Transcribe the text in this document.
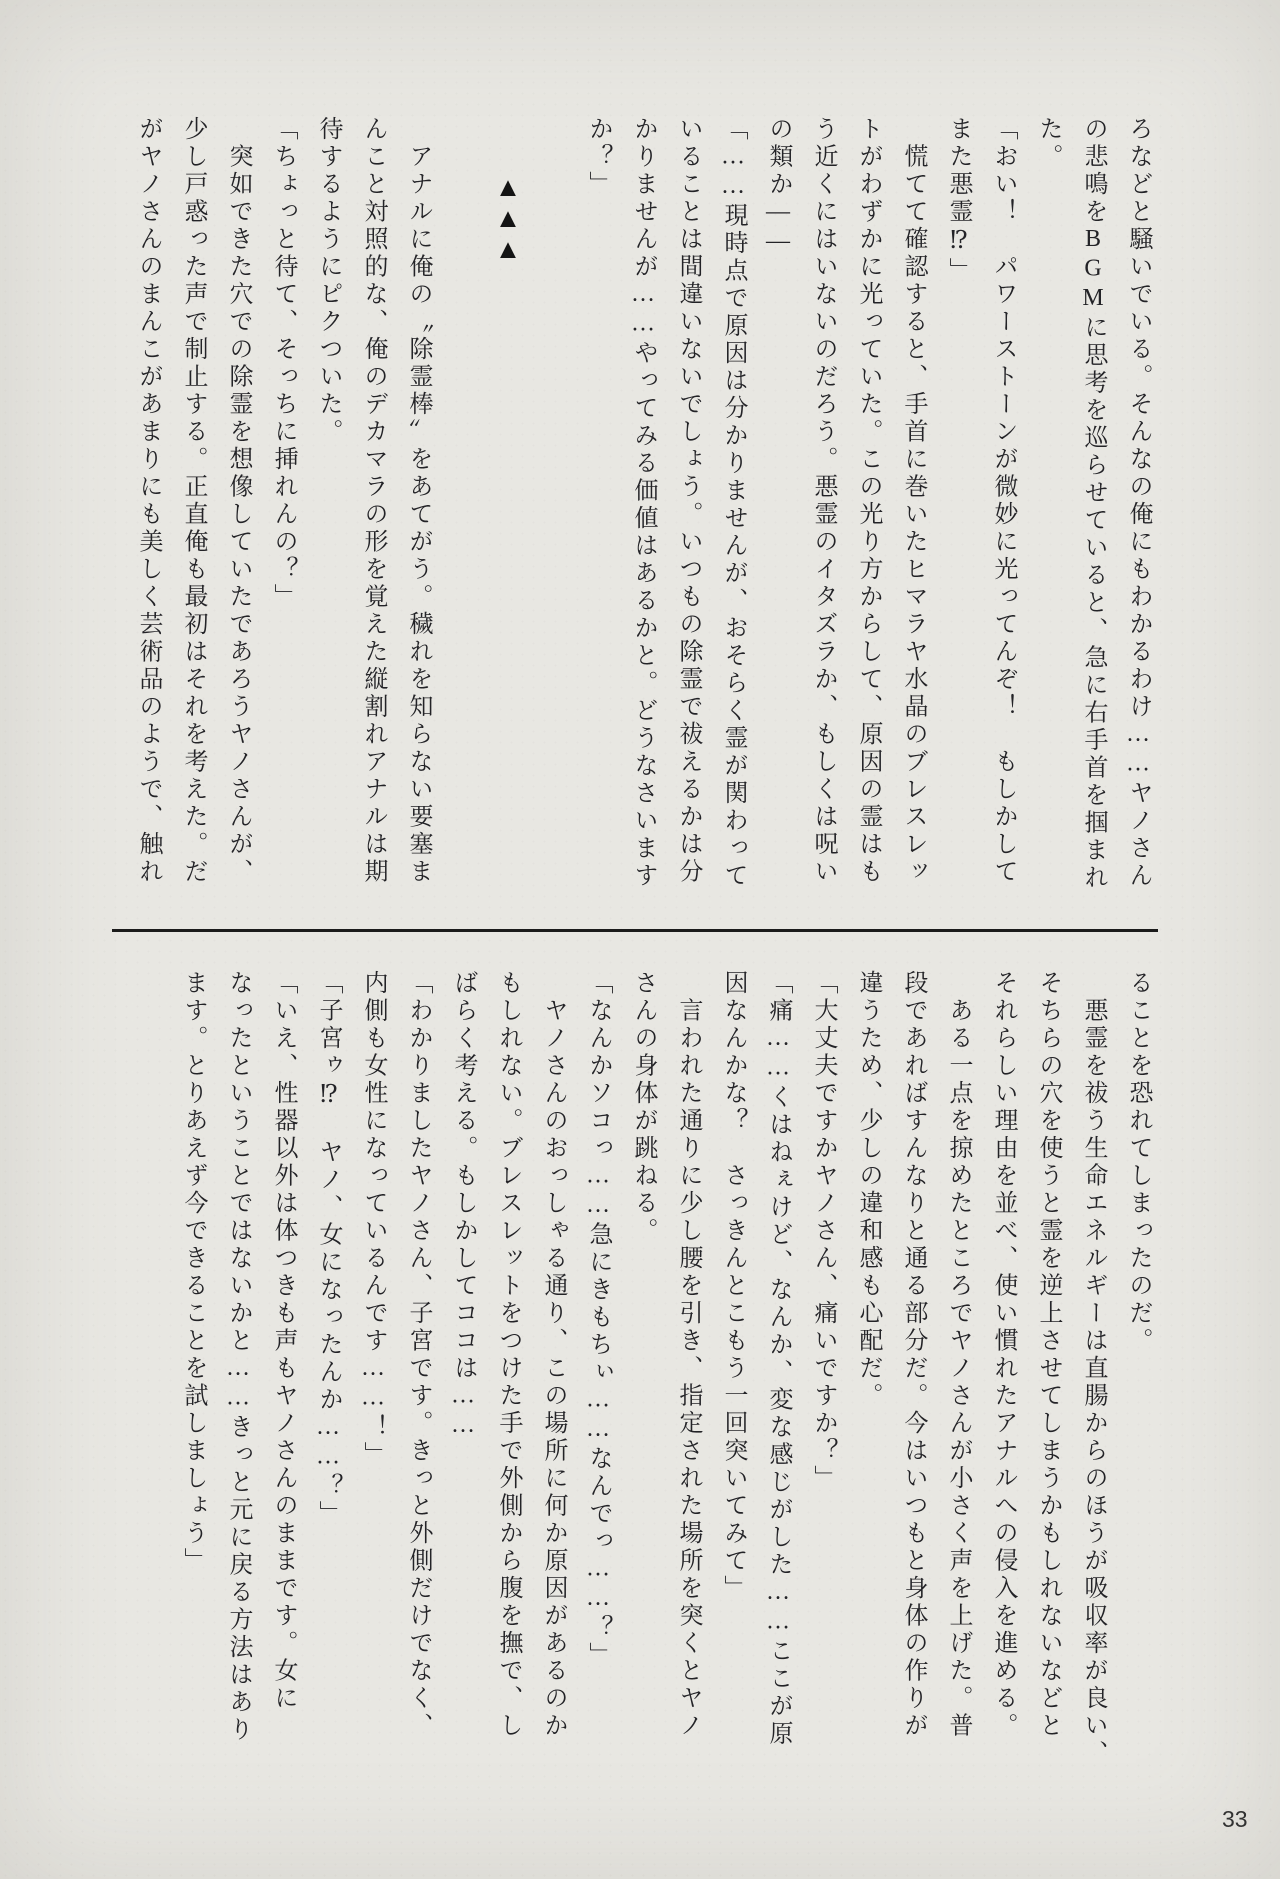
ろなどと騒いでいる。そんなの俺にもわかるわけ……ヤノさん
の悲鳴をBGMに思考を巡らせていると、急に右手首を掴まれ
た。
「おい！　パワーストーンが微妙に光ってんぞ！　もしかして
また悪霊⁉」
　慌てて確認すると、手首に巻いたヒマラヤ水晶のブレスレッ
トがわずかに光っていた。この光り方からして、原因の霊はも
う近くにはいないのだろう。悪霊のイタズラか、もしくは呪い
の類か――
「……現時点で原因は分かりませんが、おそらく霊が関わって
いることは間違いないでしょう。いつもの除霊で祓えるかは分
かりませんが……やってみる価値はあるかと。どうなさいます
か？」

　　▲▲▲

　アナルに俺の〝除霊棒〟をあてがう。穢れを知らない要塞ま
んこと対照的な、俺のデカマラの形を覚えた縦割れアナルは期
待するようにピクついた。
「ちょっと待て、そっちに挿れんの？」
　突如できた穴での除霊を想像していたであろうヤノさんが、
少し戸惑った声で制止する。正直俺も最初はそれを考えた。だ
がヤノさんのまんこがあまりにも美しく芸術品のようで、触れ
ることを恐れてしまったのだ。
　悪霊を祓う生命エネルギーは直腸からのほうが吸収率が良い、
そちらの穴を使うと霊を逆上させてしまうかもしれないなどと
それらしい理由を並べ、使い慣れたアナルへの侵入を進める。
　ある一点を掠めたところでヤノさんが小さく声を上げた。普
段であればすんなりと通る部分だ。今はいつもと身体の作りが
違うため、少しの違和感も心配だ。
「大丈夫ですかヤノさん、痛いですか？」
「痛……くはねぇけど、なんか、変な感じがした……ここが原
因なんかな？　さっきんとこもう一回突いてみて」
　言われた通りに少し腰を引き、指定された場所を突くとヤノ
さんの身体が跳ねる。
「なんかソコっ……急にきもちぃ……なんでっ……？」
　ヤノさんのおっしゃる通り、この場所に何か原因があるのか
もしれない。ブレスレットをつけた手で外側から腹を撫で、し
ばらく考える。もしかしてココは……
「わかりましたヤノさん、子宮です。きっと外側だけでなく、
内側も女性になっているんです……！」
「子宮ゥ⁉　ヤノ、女になったんか……？」
「いえ、性器以外は体つきも声もヤノさんのままです。女に
なったということではないかと……きっと元に戻る方法はあり
ます。とりあえず今できることを試しましょう」
33
